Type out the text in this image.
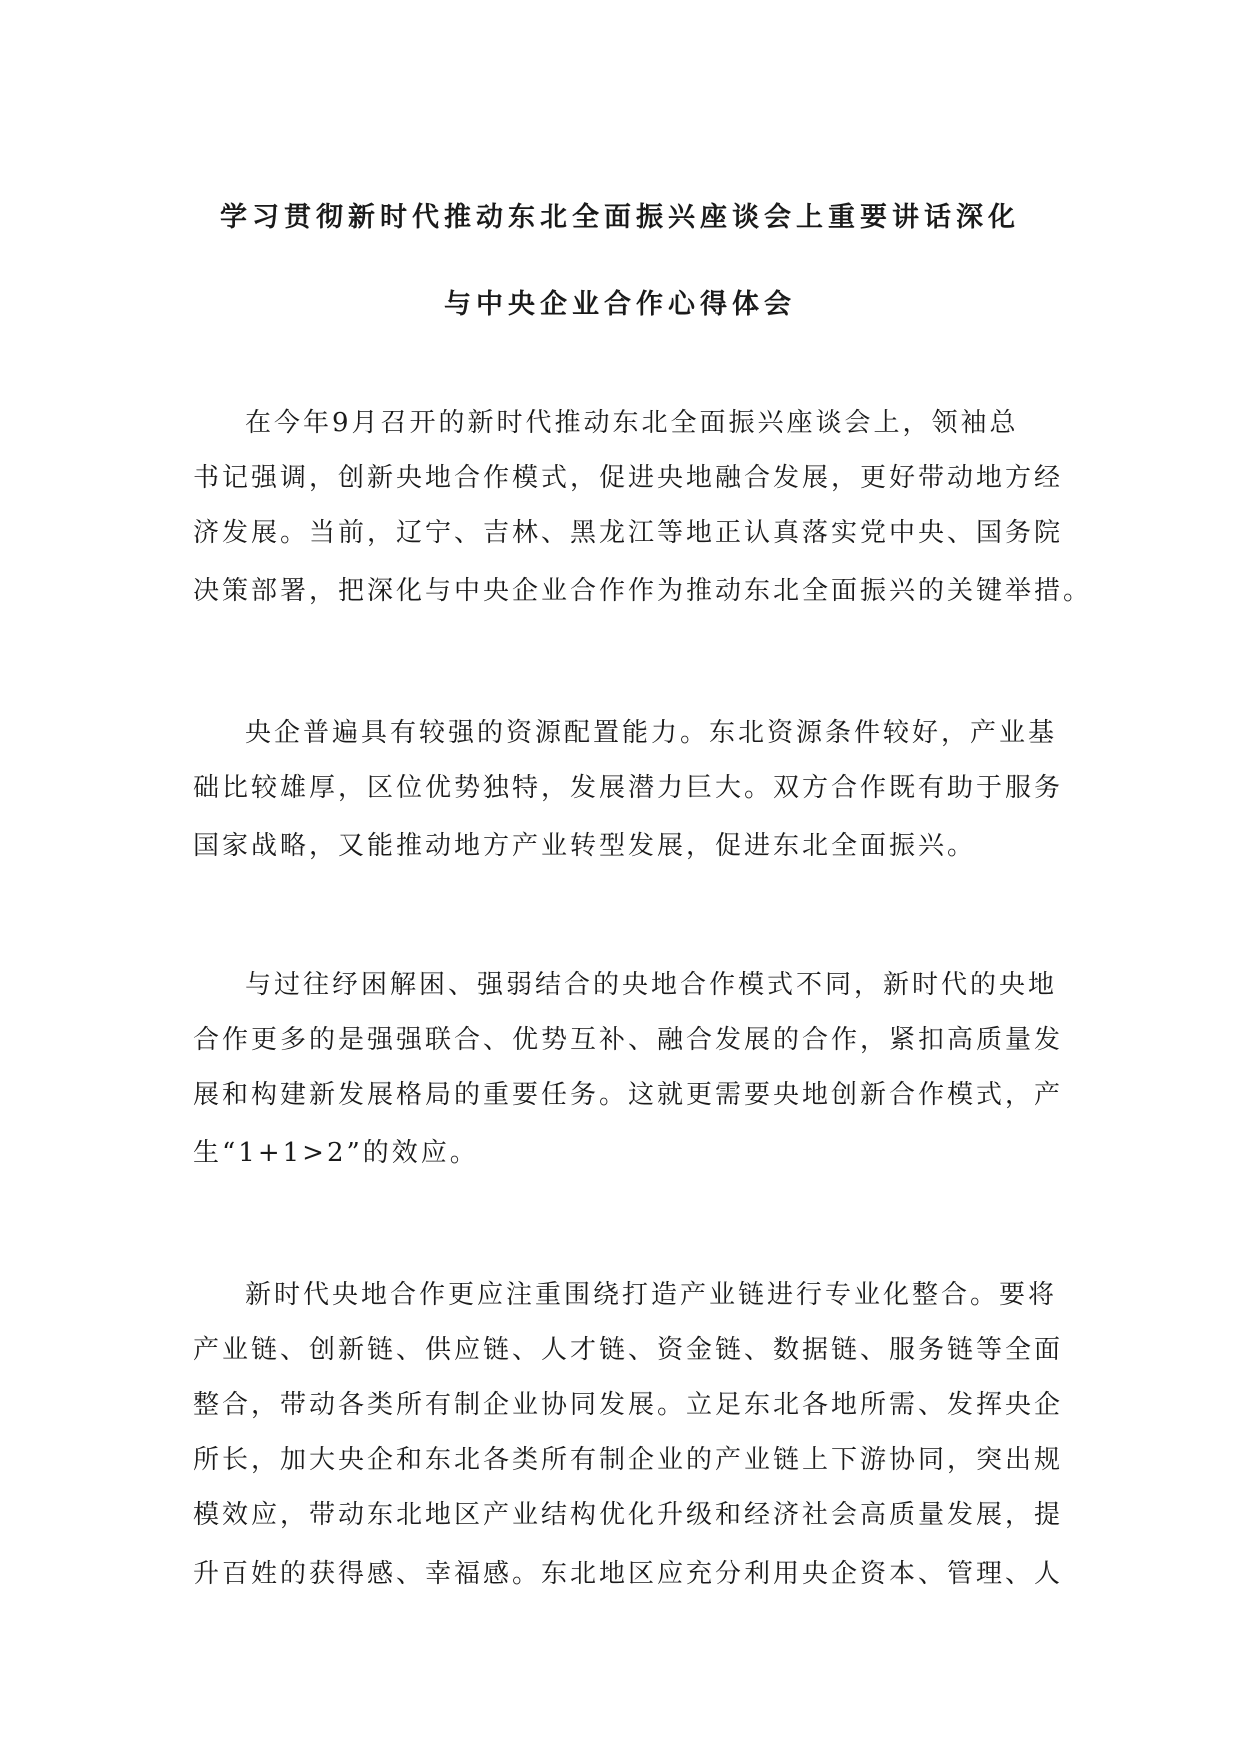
学习贯彻新时代推动东北全面振兴座谈会上重要讲话深化
与中央企业合作心得体会
在今年9月召开的新时代推动东北全面振兴座谈会上，领袖总
书记强调，创新央地合作模式，促进央地融合发展，更好带动地方经
济发展。当前，辽宁、吉林、黑龙江等地正认真落实党中央、国务院
决策部署，把深化与中央企业合作作为推动东北全面振兴的关键举措。
央企普遍具有较强的资源配置能力。东北资源条件较好，产业基
础比较雄厚，区位优势独特，发展潜力巨大。双方合作既有助于服务
国家战略，又能推动地方产业转型发展，促进东北全面振兴。
与过往纾困解困、强弱结合的央地合作模式不同，新时代的央地
合作更多的是强强联合、优势互补、融合发展的合作，紧扣高质量发
展和构建新发展格局的重要任务。这就更需要央地创新合作模式，产
生“1+1>2”的效应。
新时代央地合作更应注重围绕打造产业链进行专业化整合。要将
产业链、创新链、供应链、人才链、资金链、数据链、服务链等全面
整合，带动各类所有制企业协同发展。立足东北各地所需、发挥央企
所长，加大央企和东北各类所有制企业的产业链上下游协同，突出规
模效应，带动东北地区产业结构优化升级和经济社会高质量发展，提
升百姓的获得感、幸福感。东北地区应充分利用央企资本、管理、人
